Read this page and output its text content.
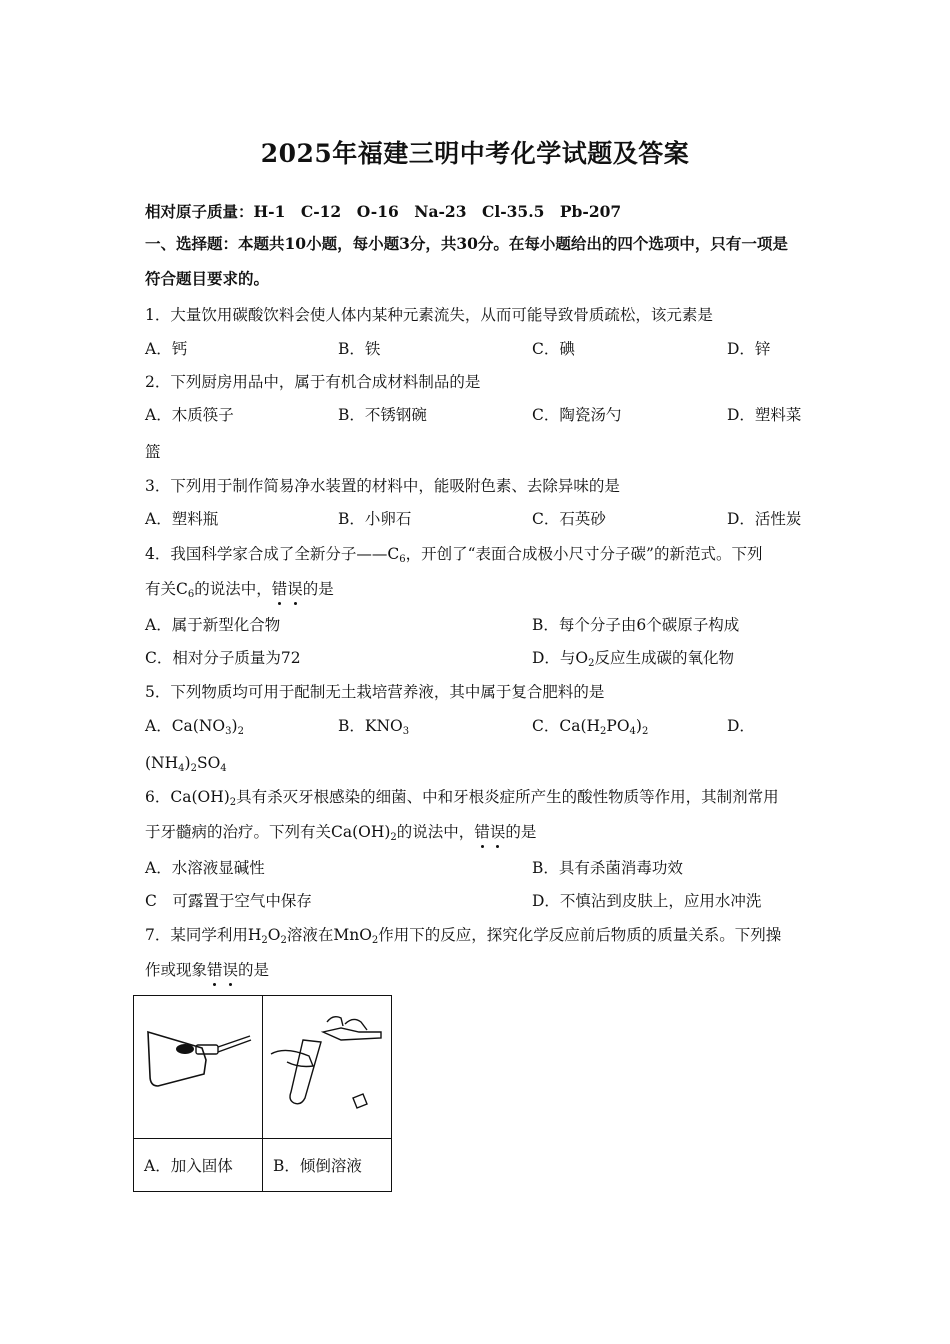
2025年福建三明中考化学试题及答案
相对原子质量：H-1　C-12　O-16　Na-23　Cl-35.5　Pb-207
一、选择题：本题共10小题，每小题3分，共30分。在每小题给出的四个选项中，只有一项是
符合题目要求的。
1．大量饮用碳酸饮料会使人体内某种元素流失，从而可能导致骨质疏松，该元素是
A．钙	B．铁	C．碘	D．锌
2．下列厨房用品中，属于有机合成材料制品的是
A．木质筷子	B．不锈钢碗	C．陶瓷汤勺	D．塑料菜
篮
3．下列用于制作简易净水装置的材料中，能吸附色素、去除异味的是
A．塑料瓶	B．小卵石	C．石英砂	D．活性炭
4．我国科学家合成了全新分子$——C_6$，开创了“表面合成极小尺寸分子碳”的新范式。下列
有关$C_6$的说法中，错误的是
A．属于新型化合物	B．每个分子由6个碳原子构成
C．相对分子质量为72	D．与$O_2$反应生成碳的氧化物
5．下列物质均可用于配制无土栽培营养液，其中属于复合肥料的是
A．$Ca(NO_3)_2$	B．$KNO_3$	C．$Ca(H_2PO_4)_2$	D．
$(NH_4)_2SO_4$
6．$Ca(OH)_2$具有杀灭牙根感染的细菌、中和牙根炎症所产生的酸性物质等作用，其制剂常用
于牙髓病的治疗。下列有关$Ca(OH)_2$的说法中，错误的是
A．水溶液显碱性	B．具有杀菌消毒功效
C　可露置于空气中保存	D．不慎沾到皮肤上，应用水冲洗
7．某同学利用$H_2O_2$溶液在MnO$_2$作用下的反应，探究化学反应前后物质的质量关系。下列操
作或现象错误的是

A．加入固体	B．倾倒溶液
